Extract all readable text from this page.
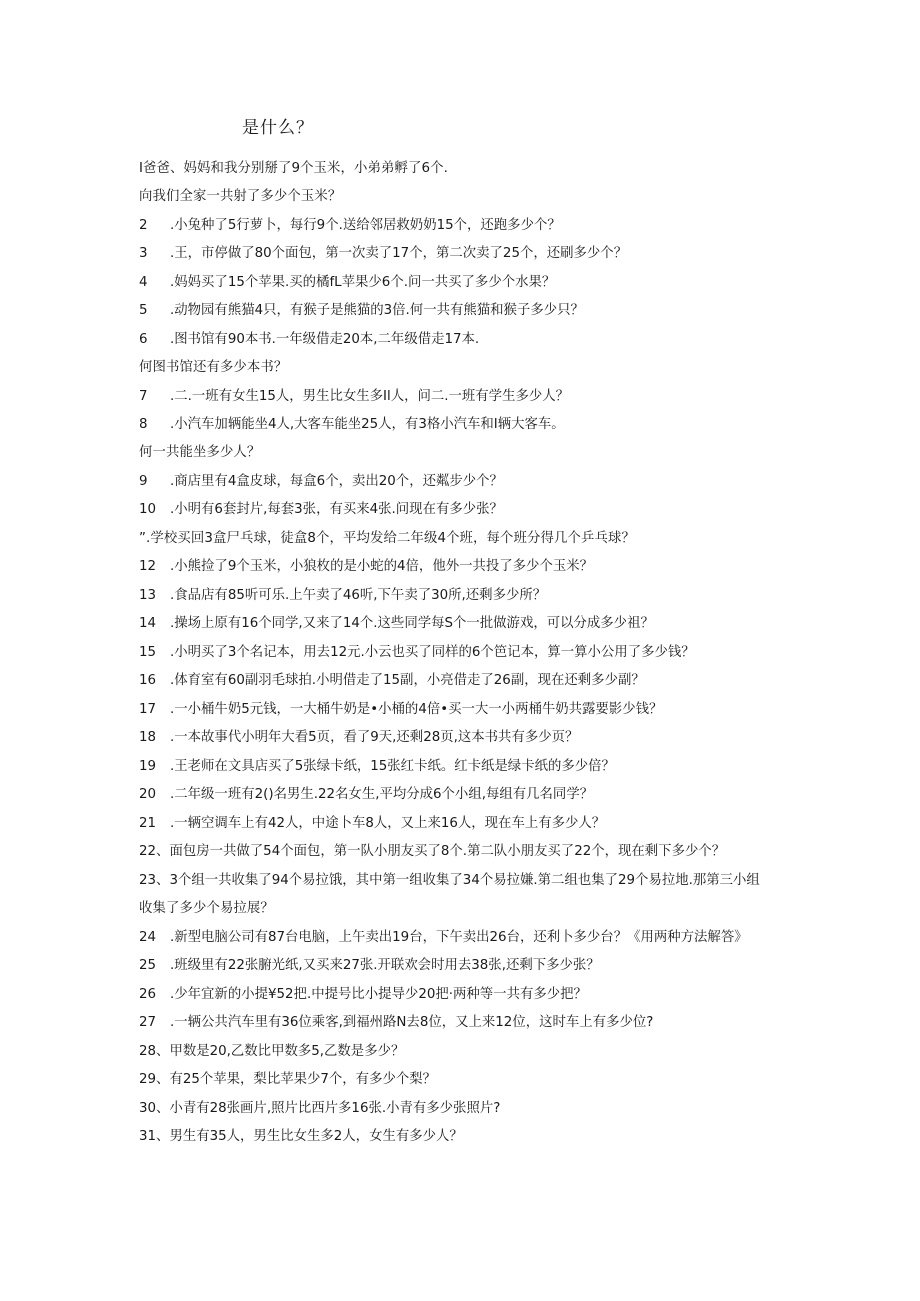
是什么？
I爸爸、妈妈和我分别掰了9个玉米，小弟弟孵了6个.
向我们全家一共射了多少个玉米？
2	.小兔种了5行萝卜，每行9个.送给邻居救奶奶15个，还跑多少个？
3	.王，市停做了80个面包，第一次卖了17个，第二次卖了25个，还刷多少个？
4	.妈妈买了15个苹果.买的橘fL苹果少6个.问一共买了多少个水果？
5	.动物园有熊猫4只，有猴子是熊猫的3倍.何一共有熊猫和猴子多少只？
6	.图书馆有90本书.一年级借走20本,二年级借走17本.
何图书馆还有多少本书？
7	.二.一班有女生15人，男生比女生多Il人，问二.一班有学生多少人？
8	.小汽车加辆能坐4人,大客车能坐25人，有3格小汽车和I辆大客车。
何一共能坐多少人？
9	.商店里有4盒皮球，每盒6个，卖出20个，还粼步少个？
10	.小明有6套封片,每套3张，有买来4张.问现在有多少张？
”.学校买回3盒尸乓球，徒盒8个，平均发给二年级4个班，每个班分得几个乒乓球？
12	.小熊捡了9个玉米，小狼枚的是小蛇的4倍，他外一共投了多少个玉米？
13	.食品店有85听可乐.上午卖了46听,下午卖了30所,还剩多少所？
14	.操场上原有16个同学,又来了14个.这些同学每S个一批做游戏，可以分成多少祖？
15	.小明买了3个名记本，用去12元.小云也买了同样的6个笆记本，算一算小公用了多少钱？
16	.体育室有60副羽毛球拍.小明借走了15副，小亮借走了26副，现在还剩多少副？
17	.一小桶牛奶5元钱，一大桶牛奶是•小桶的4倍•买一大一小两桶牛奶共露要影少钱？
18	.一本故事代小明年大看5页，看了9天,还剩28页,这本书共有多少页？
19	.王老师在文具店买了5张绿卡纸，15张红卡纸。红卡纸是绿卡纸的多少倍？
20	.二年级一班有2()名男生.22名女生,平均分成6个小组,每组有几名同学？
21	.一辆空调车上有42人，中途卜车8人，又上来16人，现在车上有多少人？
22、 面包房一共做了54个面包，第一队小朋友买了8个.第二队小朋友买了22个，现在剩下多少个？
23、 3个组一共收集了94个易拉饿，其中第一组收集了34个易拉嫌.第二组也集了29个易拉地.那第三小组
收集了多少个易拉展？
24	.新型电脑公司有87台电脑，上午卖出19台，下午卖出26台，还利卜多少台？《用两种方法解答》
25	.班级里有22张腑光纸,又买来27张.开联欢会时用去38张,还剩下多少张？
26	.少年宜新的小提¥52把.中提号比小提导少20把·两种等一共有多少把？
27	.一辆公共汽车里有36位乘客,到福州路N去8位，又上来12位，这时车上有多少位?
28、 甲数是20,乙数比甲数多5,乙数是多少？
29、 有25个苹果，梨比苹果少7个，有多少个梨？
30、 小青有28张画片,照片比西片多16张.小青有多少张照片?
31、 男生有35人，男生比女生多2人，女生有多少人？
